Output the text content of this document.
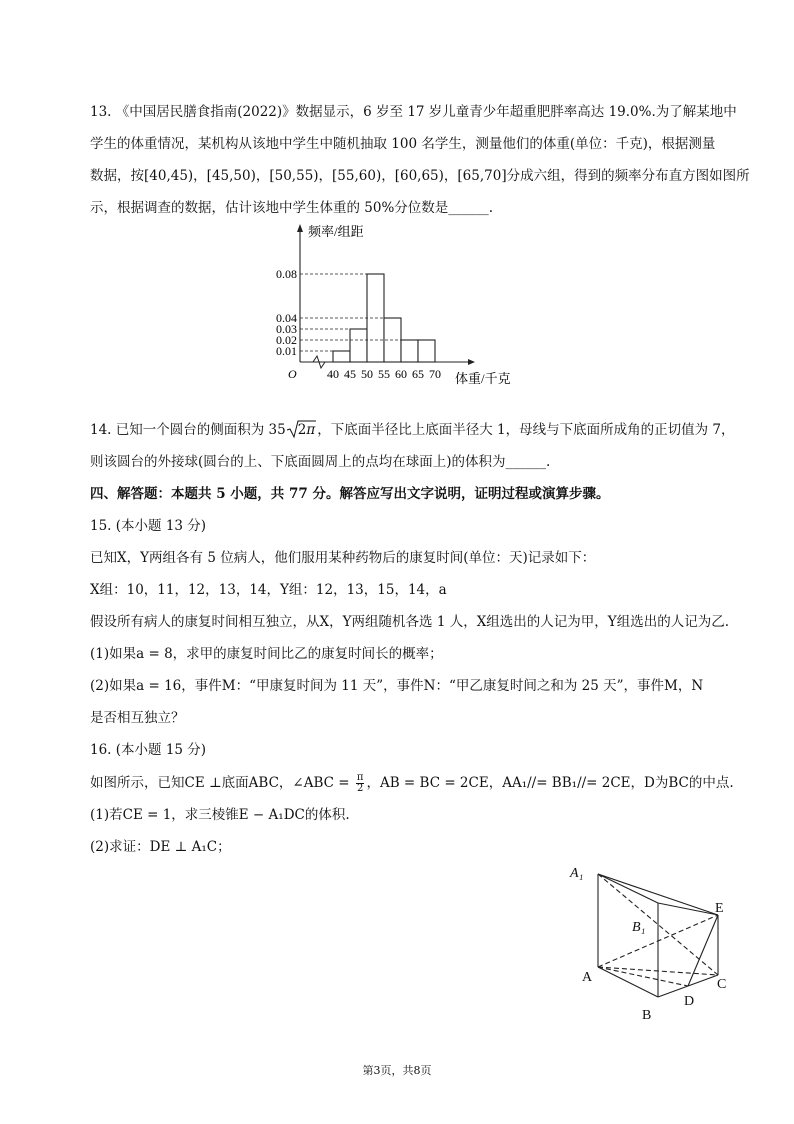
13. 《中国居民膳食指南(2022)》数据显示，6 岁至 17 岁儿童青少年超重肥胖率高达 19.0%.为了解某地中
学生的体重情况，某机构从该地中学生中随机抽取 100 名学生，测量他们的体重(单位：千克)，根据测量
数据，按[40,45)，[45,50)，[50,55)，[55,60)，[60,65)，[65,70]分成六组，得到的频率分布直方图如图所
示，根据调查的数据，估计该地中学生体重的 50%分位数是______.
频率/组距
体重/千克
O
0.01
0.02
0.03
0.04
0.08
40 45 50 55 60 65 70
14. 已知一个圆台的侧面积为 35 2π ，下底面半径比上底面半径大 1，母线与下底面所成角的正切值为 7，
则该圆台的外接球(圆台的上、下底面圆周上的点均在球面上)的体积为______.
四、解答题：本题共 5 小题，共 77 分。解答应写出文字说明，证明过程或演算步骤。
15. (本小题 13 分)
已知X，Y两组各有 5 位病人，他们服用某种药物后的康复时间(单位：天)记录如下：
X组：10，11，12，13，14，Y组：12，13，15，14，a
假设所有病人的康复时间相互独立，从X，Y两组随机各选 1 人，X组选出的人记为甲，Y组选出的人记为乙.
(1)如果a = 8，求甲的康复时间比乙的康复时间长的概率；
(2)如果a = 16，事件M：“甲康复时间为 11 天”，事件N：“甲乙康复时间之和为 25 天”，事件M，N
是否相互独立？
16. (本小题 15 分)
如图所示，已知CE ⊥底面ABC，∠ABC = $\frac{\pi}{2}$ ，AB = BC = 2CE，AA₁//= BB₁//= 2CE，D为BC的中点.
(1)若CE = 1，求三棱锥E − A₁DC的体积.
(2)求证：DE ⊥ A₁C；
A₁
B₁
E
A	C
D
B
第3页，共8页
